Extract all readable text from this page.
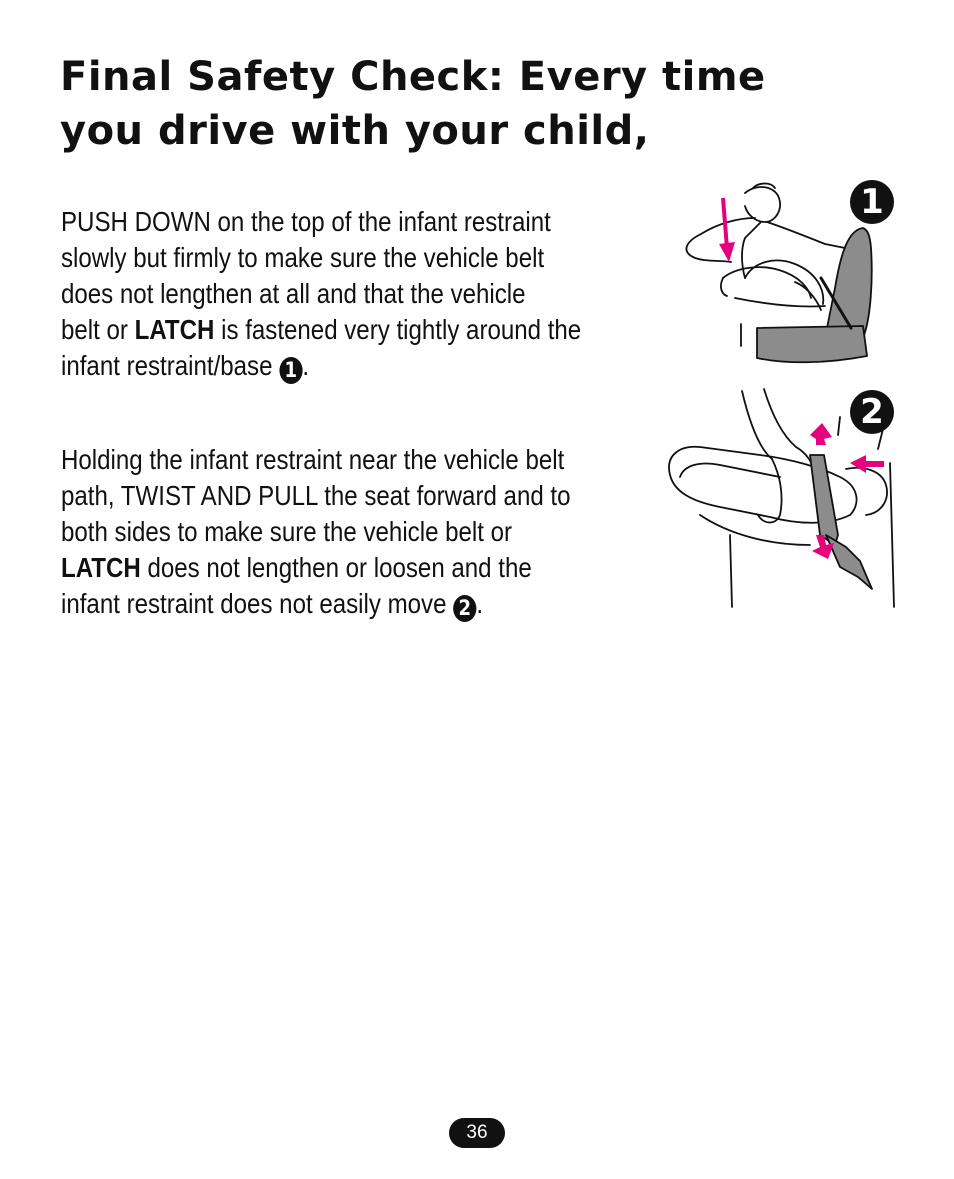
Final Safety Check: Every time
you drive with your child,

PUSH DOWN on the top of the infant restraint
slowly but firmly to make sure the vehicle belt
does not lengthen at all and that the vehicle
belt or LATCH is fastened very tightly around the
infant restraint/base 1 .

Holding the infant restraint near the vehicle belt
path, TWIST AND PULL the seat forward and to
both sides to make sure the vehicle belt or
LATCH does not lengthen or loosen and the
infant restraint does not easily move 2 .

1
2
36
